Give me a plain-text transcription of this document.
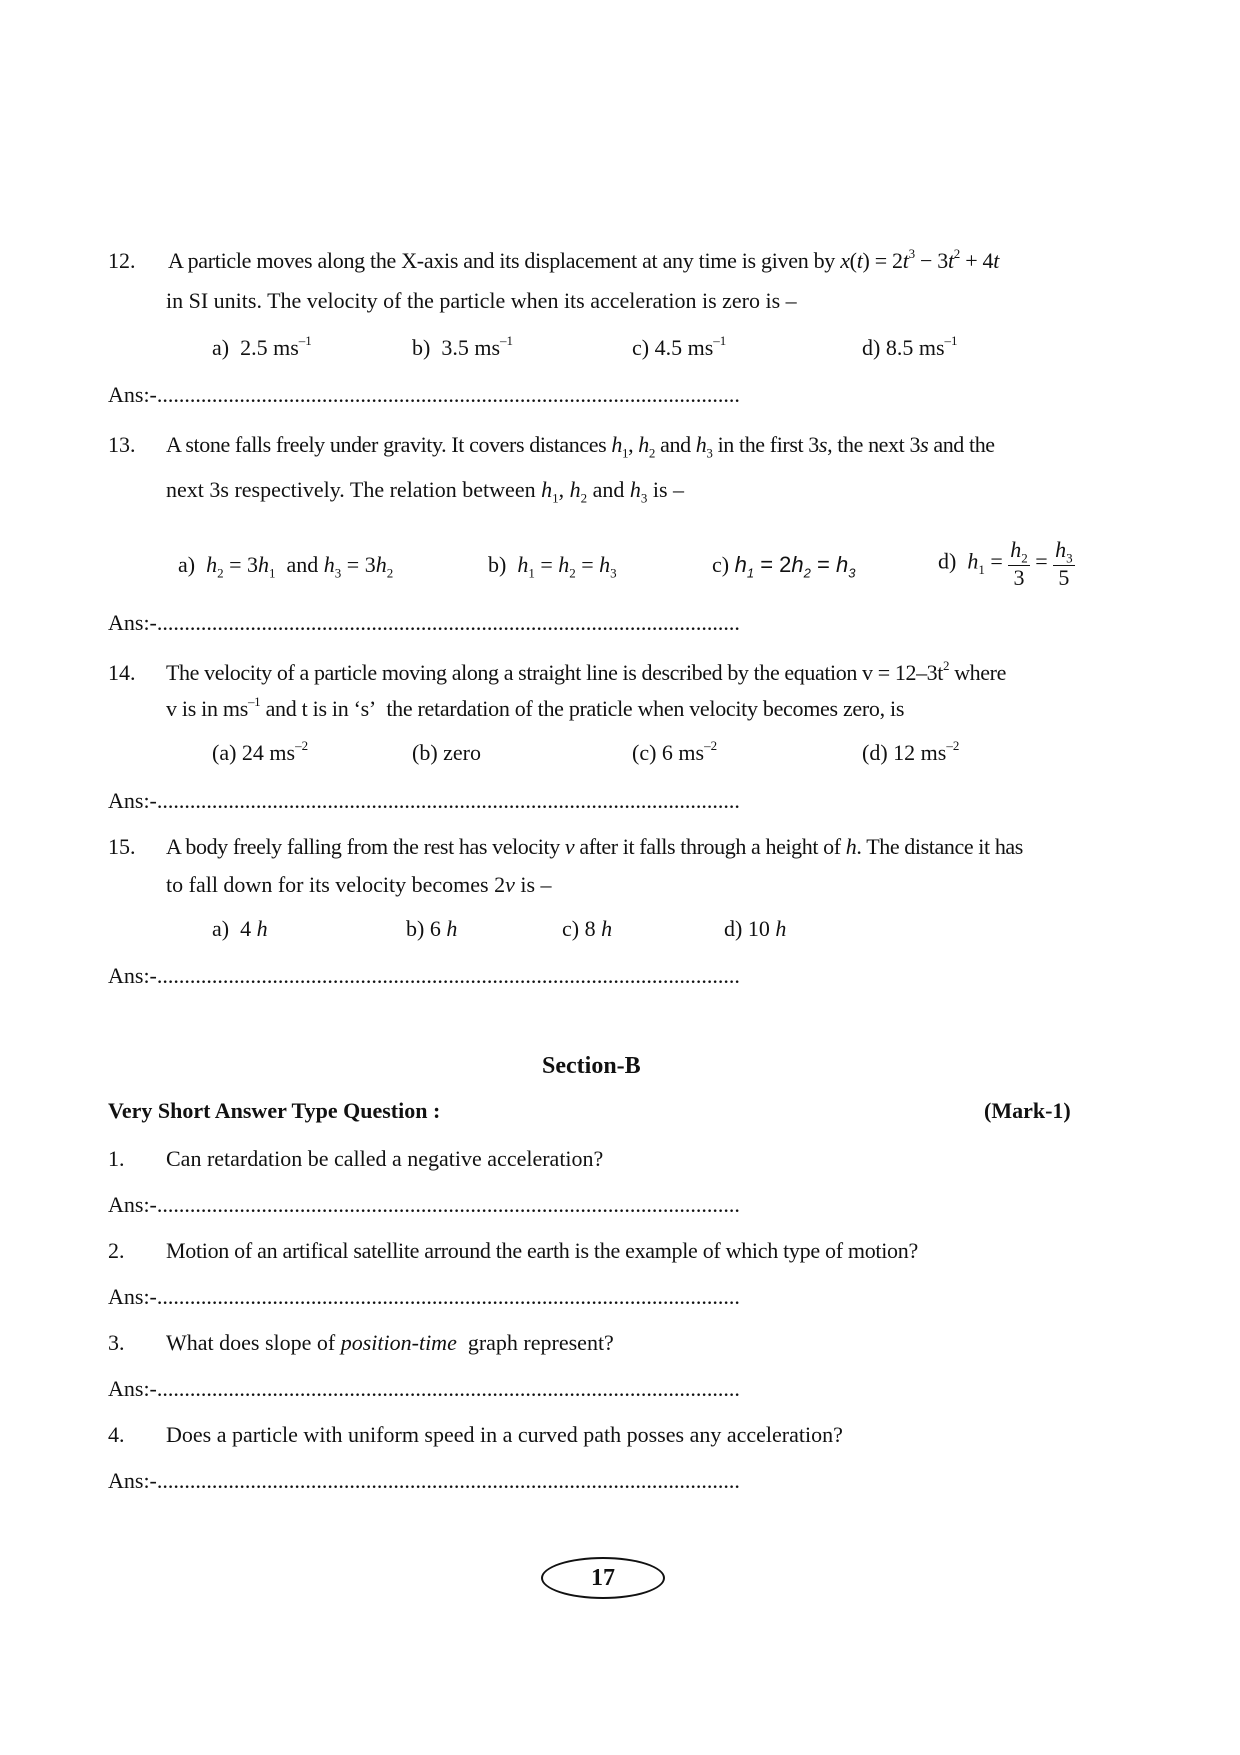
12. A particle moves along the X-axis and its displacement at any time is given by $x(t) = 2t^3 - 3t^2 + 4t$
in SI units. The velocity of the particle when its acceleration is zero is –
a)  2.5 $ms^{-1}$	b)  3.5 $ms^{-1}$	c) 4.5 $ms^{-1}$	d) 8.5 $ms^{-1}$
Ans:-..........................................................................................................
13. A stone falls freely under gravity. It covers distances $h_1$, $h_2$ and $h_3$ in the first 3s, the next 3s and the
next 3s respectively. The relation between $h_1$, $h_2$ and $h_3$ is –
a)  $h_2 = 3h_1$  and $h_3 = 3h_2$	b)  $h_1 = h_2 = h_3$	c) $h_1 = 2h_2 = h_3$	d)  $h_1 = \frac{h_2}{3} = \frac{h_3}{5}$
Ans:-..........................................................................................................
14. The velocity of a particle moving along a straight line is described by the equation $v = 12-3t^2$ where
v is in $ms^{-1}$ and t is in ‘s’  the retardation of the praticle when velocity becomes zero, is
(a) 24 $ms^{-2}$	(b) zero	(c) 6 $ms^{-2}$	(d) 12 $ms^{-2}$
Ans:-..........................................................................................................
15. A body freely falling from the rest has velocity v after it falls through a height of h. The distance it has
to fall down for its velocity becomes 2v is –
a)  4 h	b) 6 h	c) 8 h	d) 10 h
Ans:-..........................................................................................................
Section-B
Very Short Answer Type Question :	(Mark-1)
1. Can retardation be called a negative acceleration?
Ans:-..........................................................................................................
2. Motion of an artifical satellite arround the earth is the example of which type of motion?
Ans:-..........................................................................................................
3. What does slope of position-time  graph represent?
Ans:-..........................................................................................................
4. Does a particle with uniform speed in a curved path posses any acceleration?
Ans:-..........................................................................................................
17
